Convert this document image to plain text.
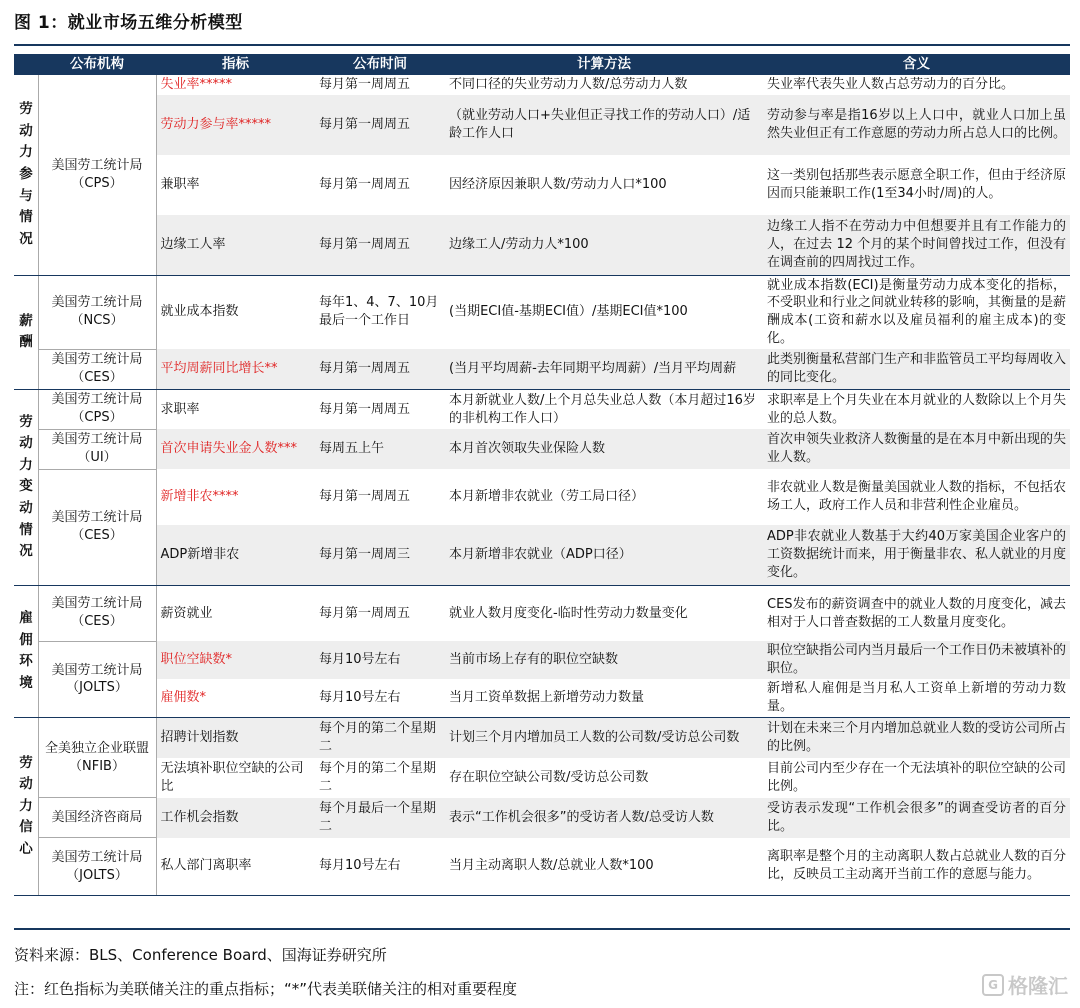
图 1：就业市场五维分析模型
	公布机构	指标	公布时间	计算方法	含义
劳动力参与情况	美国劳工统计局（CPS）	失业率*****	每月第一周周五	不同口径的失业劳动力人数/总劳动力人数	失业率代表失业人数占总劳动力的百分比。
		劳动力参与率*****	每月第一周周五	（就业劳动人口+失业但正寻找工作的劳动人口）/适龄工作人口	劳动参与率是指16岁以上人口中，就业人口加上虽然失业但正有工作意愿的劳动力所占总人口的比例。
		兼职率	每月第一周周五	因经济原因兼职人数/劳动力人口*100	这一类别包括那些表示愿意全职工作，但由于经济原因而只能兼职工作(1至34小时/周)的人。
		边缘工人率	每月第一周周五	边缘工人/劳动力人*100	边缘工人指不在劳动力中但想要并且有工作能力的人，在过去 12 个月的某个时间曾找过工作，但没有在调查前的四周找过工作。
薪酬	美国劳工统计局（NCS）	就业成本指数	每年1、4、7、10月最后一个工作日	(当期ECI值-基期ECI值）/基期ECI值*100	就业成本指数(ECI)是衡量劳动力成本变化的指标，不受职业和行业之间就业转移的影响，其衡量的是薪酬成本(工资和薪水以及雇员福利的雇主成本)的变化。
	美国劳工统计局（CES）	平均周薪同比增长**	每月第一周周五	(当月平均周薪-去年同期平均周薪）/当月平均周薪	此类别衡量私营部门生产和非监管员工平均每周收入的同比变化。
劳动力变动情况	美国劳工统计局（CPS）	求职率	每月第一周周五	本月新就业人数/上个月总失业总人数（本月超过16岁的非机构工作人口）	求职率是上个月失业在本月就业的人数除以上个月失业的总人数。
	美国劳工统计局（UI）	首次申请失业金人数***	每周五上午	本月首次领取失业保险人数	首次申领失业救济人数衡量的是在本月中新出现的失业人数。
	美国劳工统计局（CES）	新增非农****	每月第一周周五	本月新增非农就业（劳工局口径）	非农就业人数是衡量美国就业人数的指标，不包括农场工人，政府工作人员和非营利性企业雇员。
		ADP新增非农	每月第一周周三	本月新增非农就业（ADP口径）	ADP非农就业人数基于大约40万家美国企业客户的工资数据统计而来，用于衡量非农、私人就业的月度变化。
雇佣环境	美国劳工统计局（CES）	薪资就业	每月第一周周五	就业人数月度变化-临时性劳动力数量变化	CES发布的薪资调查中的就业人数的月度变化，减去相对于人口普查数据的工人数量月度变化。
	美国劳工统计局（JOLTS）	职位空缺数*	每月10号左右	当前市场上存有的职位空缺数	职位空缺指公司内当月最后一个工作日仍未被填补的职位。
		雇佣数*	每月10号左右	当月工资单数据上新增劳动力数量	新增私人雇佣是当月私人工资单上新增的劳动力数量。
劳动力信心	全美独立企业联盟（NFIB）	招聘计划指数	每个月的第二个星期二	计划三个月内增加员工人数的公司数/受访总公司数	计划在未来三个月内增加总就业人数的受访公司所占的比例。
		无法填补职位空缺的公司比	每个月的第二个星期二	存在职位空缺公司数/受访总公司数	目前公司内至少存在一个无法填补的职位空缺的公司比例。
	美国经济咨商局	工作机会指数	每个月最后一个星期二	表示“工作机会很多”的受访者人数/总受访人数	受访表示发现“工作机会很多”的调查受访者的百分比。
	美国劳工统计局（JOLTS）	私人部门离职率	每月10号左右	当月主动离职人数/总就业人数*100	离职率是整个月的主动离职人数占总就业人数的百分比，反映员工主动离开当前工作的意愿与能力。
资料来源：BLS、Conference Board、国海证券研究所
注：红色指标为美联储关注的重点指标；“*”代表美联储关注的相对重要程度	G 格隆汇
